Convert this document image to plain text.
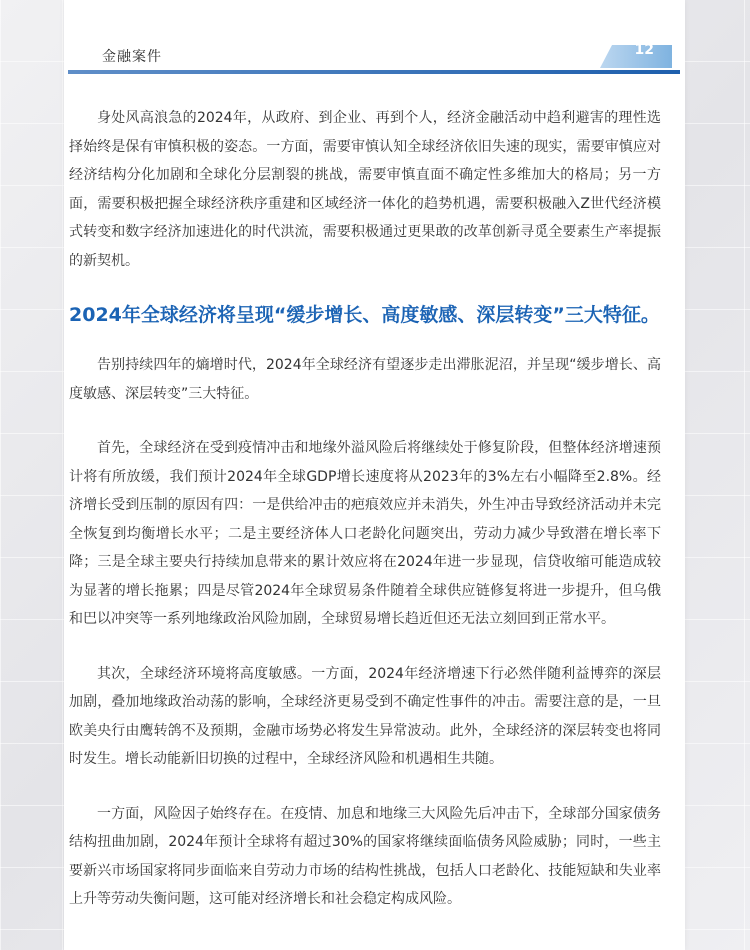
金融案件	12

身处风高浪急的2024年，从政府、到企业、再到个人，经济金融活动中趋利避害的理性选择始终是保有审慎积极的姿态。一方面，需要审慎认知全球经济依旧失速的现实，需要审慎应对经济结构分化加剧和全球化分层割裂的挑战，需要审慎直面不确定性多维加大的格局；另一方面，需要积极把握全球经济秩序重建和区域经济一体化的趋势机遇，需要积极融入Z世代经济模式转变和数字经济加速进化的时代洪流，需要积极通过更果敢的改革创新寻觅全要素生产率提振的新契机。

2024年全球经济将呈现“缓步增长、高度敏感、深层转变”三大特征。

告别持续四年的熵增时代，2024年全球经济有望逐步走出滞胀泥沼，并呈现“缓步增长、高度敏感、深层转变”三大特征。

首先，全球经济在受到疫情冲击和地缘外溢风险后将继续处于修复阶段，但整体经济增速预计将有所放缓，我们预计2024年全球GDP增长速度将从2023年的3%左右小幅降至2.8%。经济增长受到压制的原因有四：一是供给冲击的疤痕效应并未消失，外生冲击导致经济活动并未完全恢复到均衡增长水平；二是主要经济体人口老龄化问题突出，劳动力减少导致潜在增长率下降；三是全球主要央行持续加息带来的累计效应将在2024年进一步显现，信贷收缩可能造成较为显著的增长拖累；四是尽管2024年全球贸易条件随着全球供应链修复将进一步提升，但乌俄和巴以冲突等一系列地缘政治风险加剧，全球贸易增长趋近但还无法立刻回到正常水平。

其次，全球经济环境将高度敏感。一方面，2024年经济增速下行必然伴随利益博弈的深层加剧，叠加地缘政治动荡的影响，全球经济更易受到不确定性事件的冲击。需要注意的是，一旦欧美央行由鹰转鸽不及预期，金融市场势必将发生异常波动。此外，全球经济的深层转变也将同时发生。增长动能新旧切换的过程中，全球经济风险和机遇相生共随。

一方面，风险因子始终存在。在疫情、加息和地缘三大风险先后冲击下，全球部分国家债务结构扭曲加剧，2024年预计全球将有超过30%的国家将继续面临债务风险威胁；同时，一些主要新兴市场国家将同步面临来自劳动力市场的结构性挑战，包括人口老龄化、技能短缺和失业率上升等劳动失衡问题，这可能对经济增长和社会稳定构成风险。
